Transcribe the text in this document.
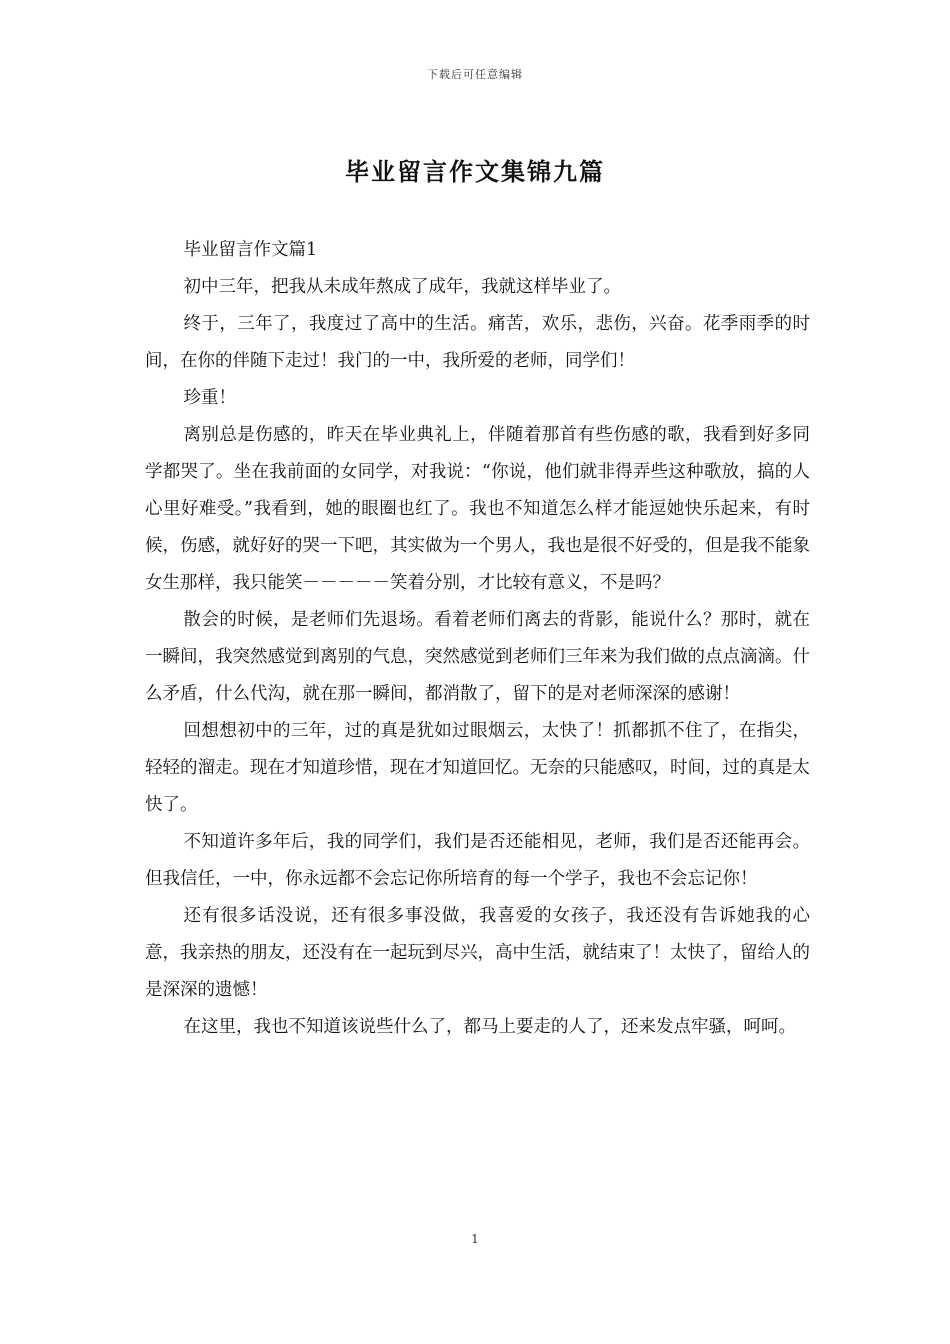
下载后可任意编辑
毕业留言作文集锦九篇

毕业留言作文篇1

初中三年，把我从未成年熬成了成年，我就这样毕业了。

终于，三年了，我度过了高中的生活。痛苦，欢乐，悲伤，兴奋。花季雨季的时间，在你的伴随下走过！我门的一中，我所爱的老师，同学们！

珍重！

离别总是伤感的，昨天在毕业典礼上，伴随着那首有些伤感的歌，我看到好多同学都哭了。坐在我前面的女同学，对我说：“你说，他们就非得弄些这种歌放，搞的人心里好难受。”我看到，她的眼圈也红了。我也不知道怎么样才能逗她快乐起来，有时候，伤感，就好好的哭一下吧，其实做为一个男人，我也是很不好受的，但是我不能象女生那样，我只能笑－－－－－笑着分别，才比较有意义，不是吗？

散会的时候，是老师们先退场。看着老师们离去的背影，能说什么？那时，就在一瞬间，我突然感觉到离别的气息，突然感觉到老师们三年来为我们做的点点滴滴。什么矛盾，什么代沟，就在那一瞬间，都消散了，留下的是对老师深深的感谢！

回想想初中的三年，过的真是犹如过眼烟云，太快了！抓都抓不住了，在指尖，轻轻的溜走。现在才知道珍惜，现在才知道回忆。无奈的只能感叹，时间，过的真是太快了。

不知道许多年后，我的同学们，我们是否还能相见，老师，我们是否还能再会。但我信任，一中，你永远都不会忘记你所培育的每一个学子，我也不会忘记你！

还有很多话没说，还有很多事没做，我喜爱的女孩子，我还没有告诉她我的心意，我亲热的朋友，还没有在一起玩到尽兴，高中生活，就结束了！太快了，留给人的是深深的遗憾！

在这里，我也不知道该说些什么了，都马上要走的人了，还来发点牢骚，呵呵。

1
